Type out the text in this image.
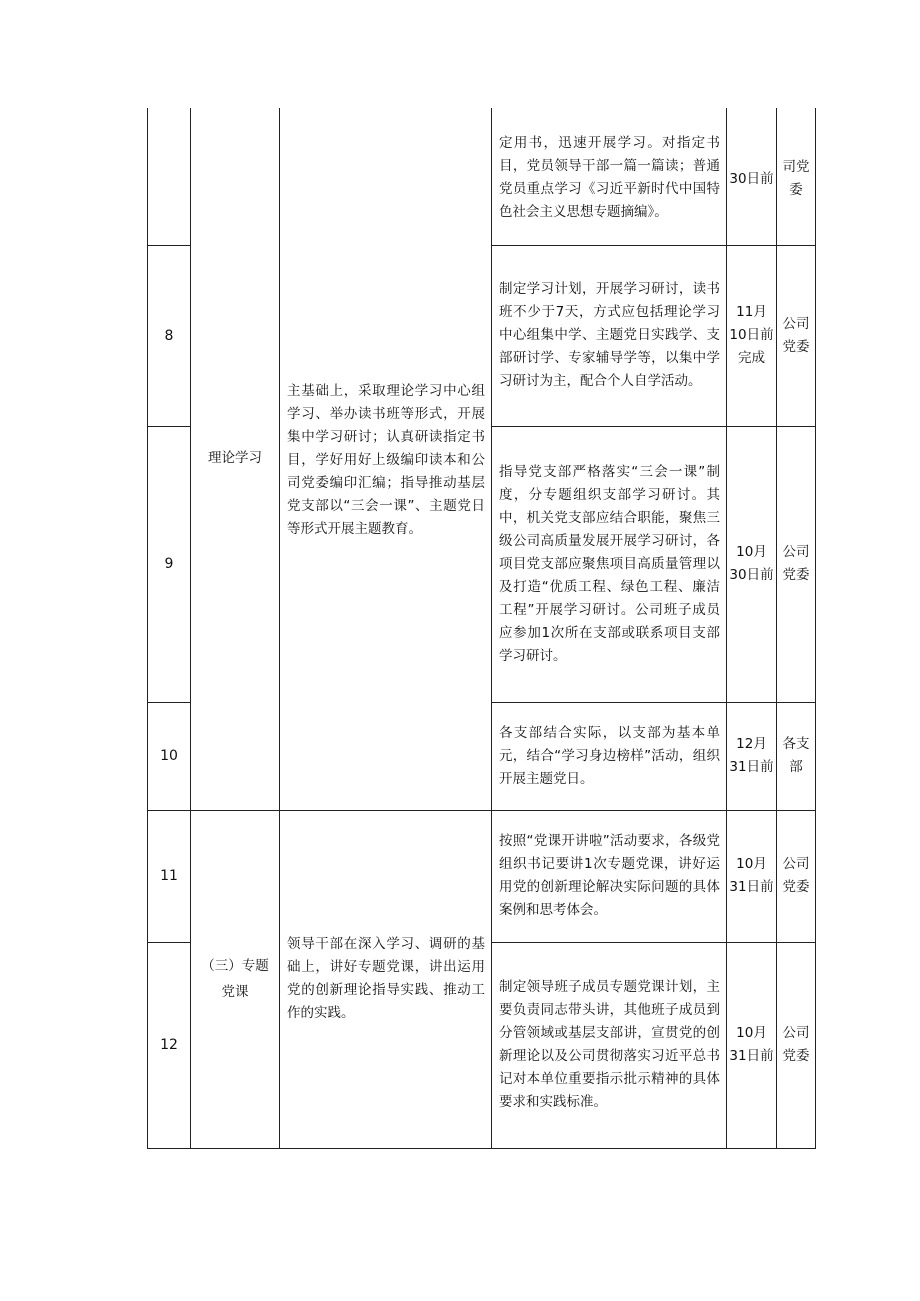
	理论学习	主基础上，采取理论学习中心组学习、举办读书班等形式，开展集中学习研讨；认真研读指定书目，学好用好上级编印读本和公司党委编印汇编；指导推动基层党支部以“三会一课”、主题党日等形式开展主题教育。	定用书，迅速开展学习。对指定书目，党员领导干部一篇一篇读；普通党员重点学习《习近平新时代中国特色社会主义思想专题摘编》。	30日前	司党委

8			制定学习计划，开展学习研讨，读书班不少于7天，方式应包括理论学习中心组集中学、主题党日实践学、支部研讨学、专家辅导学等，以集中学习研讨为主，配合个人自学活动。	11月10日前完成	公司党委

9			指导党支部严格落实“三会一课”制度，分专题组织支部学习研讨。其中，机关党支部应结合职能，聚焦三级公司高质量发展开展学习研讨，各项目党支部应聚焦项目高质量管理以及打造“优质工程、绿色工程、廉洁工程”开展学习研讨。公司班子成员应参加1次所在支部或联系项目支部学习研讨。	10月30日前	公司党委

10			各支部结合实际，以支部为基本单元，结合“学习身边榜样”活动，组织开展主题党日。	12月31日前	各支部

11	（三）专题党课	领导干部在深入学习、调研的基础上，讲好专题党课，讲出运用党的创新理论指导实践、推动工作的实践。	按照“党课开讲啦”活动要求，各级党组织书记要讲1次专题党课，讲好运用党的创新理论解决实际问题的具体案例和思考体会。	10月31日前	公司党委

12			制定领导班子成员专题党课计划，主要负责同志带头讲，其他班子成员到分管领域或基层支部讲，宣贯党的创新理论以及公司贯彻落实习近平总书记对本单位重要指示批示精神的具体要求和实践标准。	10月31日前	公司党委
